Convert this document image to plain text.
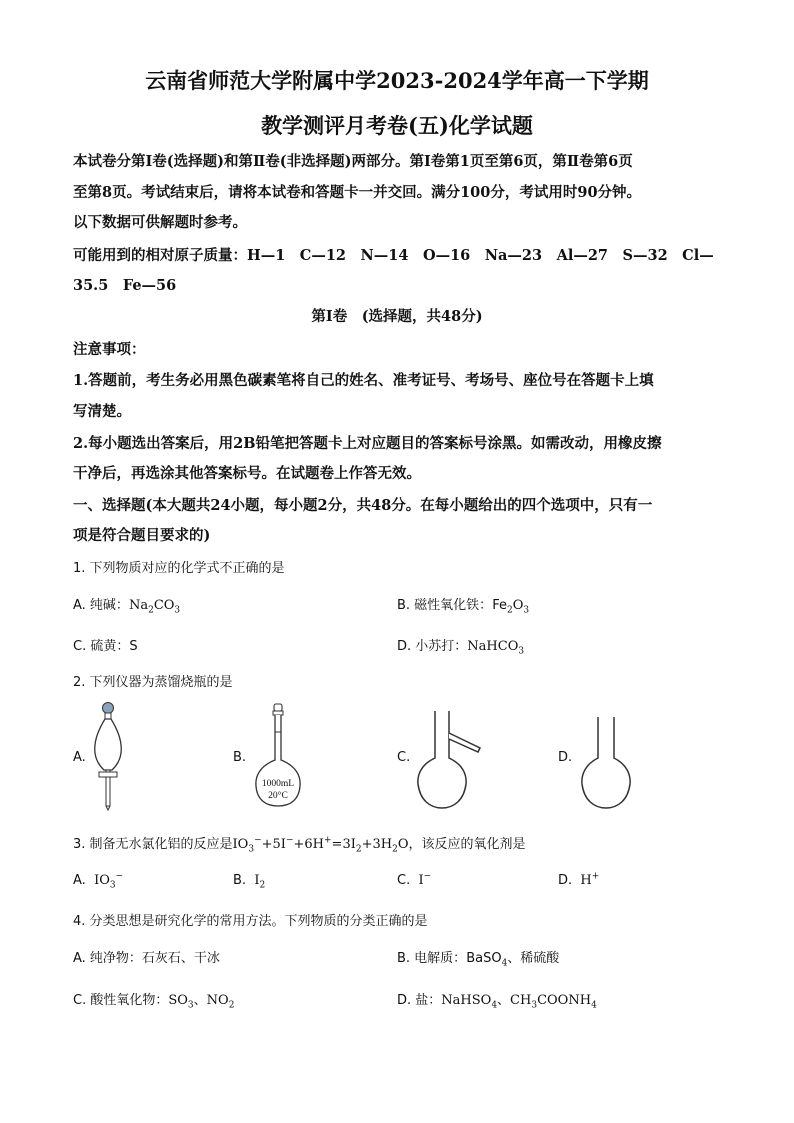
云南省师范大学附属中学2023-2024学年高一下学期
教学测评月考卷(五)化学试题
本试卷分第Ⅰ卷(选择题)和第Ⅱ卷(非选择题)两部分。第Ⅰ卷第1页至第6页，第Ⅱ卷第6页
至第8页。考试结束后，请将本试卷和答题卡一并交回。满分100分，考试用时90分钟。
以下数据可供解题时参考。
可能用到的相对原子质量：H—1　C—12　N—14　O—16　Na—23　Al—27　S—32　Cl—
35.5　Fe—56
第Ⅰ卷　(选择题，共48分)
注意事项：
1.答题前，考生务必用黑色碳素笔将自己的姓名、准考证号、考场号、座位号在答题卡上填
写清楚。
2.每小题选出答案后，用2B铅笔把答题卡上对应题目的答案标号涂黑。如需改动，用橡皮擦
干净后，再选涂其他答案标号。在试题卷上作答无效。
一、选择题(本大题共24小题，每小题2分，共48分。在每小题给出的四个选项中，只有一
项是符合题目要求的)
1. 下列物质对应的化学式不正确的是
A. 纯碱：$Na_2CO_3$	B. 磁性氧化铁：$Fe_2O_3$
C. 硫黄：S	D. 小苏打：NaHCO$_3$
2. 下列仪器为蒸馏烧瓶的是
A.	B.	C.	D.
1000mL
20°C
3. 制备无水氯化铝的反应是$IO_3^-+5I^-+6H^+=3I_2+3H_2O$，该反应的氧化剂是
A. $IO_3^-$	B. $I_2$	C. I−	D. H+
4. 分类思想是研究化学的常用方法。下列物质的分类正确的是
A. 纯净物：石灰石、干冰	B. 电解质：BaSO$_4$、稀硫酸
C. 酸性氧化物：$SO_3$、$NO_2$	D. 盐：NaHSO$_4$、$CH_3COONH_4$
